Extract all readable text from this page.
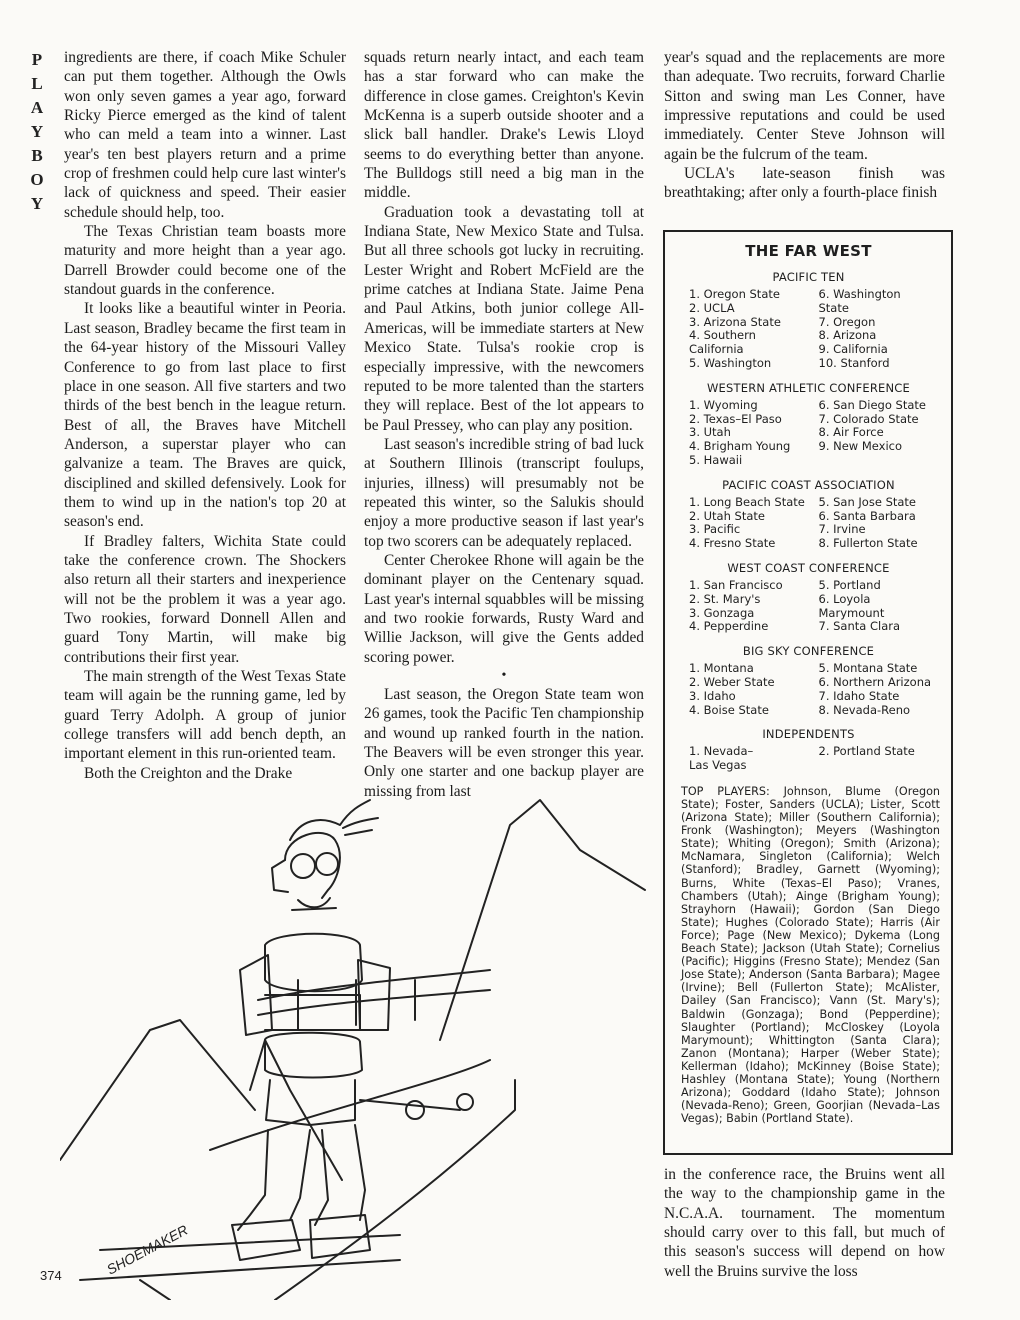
P
L
A
Y
B
O
Y

ingredients are there, if coach Mike Schuler can put them together. Although the Owls won only seven games a year ago, forward Ricky Pierce emerged as the kind of talent who can meld a team into a winner. Last year's ten best players return and a prime crop of freshmen could help cure last winter's lack of quickness and speed. Their easier schedule should help, too.

The Texas Christian team boasts more maturity and more height than a year ago. Darrell Browder could become one of the standout guards in the conference.

It looks like a beautiful winter in Peoria. Last season, Bradley became the first team in the 64-year history of the Missouri Valley Conference to go from last place to first place in one season. All five starters and two thirds of the best bench in the league return. Best of all, the Braves have Mitchell Anderson, a superstar player who can galvanize a team. The Braves are quick, disciplined and skilled defensively. Look for them to wind up in the nation's top 20 at season's end.

If Bradley falters, Wichita State could take the conference crown. The Shockers also return all their starters and inexperience will not be the problem it was a year ago. Two rookies, forward Donnell Allen and guard Tony Martin, will make big contributions their first year.

The main strength of the West Texas State team will again be the running game, led by guard Terry Adolph. A group of junior college transfers will add bench depth, an important element in this run-oriented team.

Both the Creighton and the Drake

squads return nearly intact, and each team has a star forward who can make the difference in close games. Creighton's Kevin McKenna is a superb outside shooter and a slick ball handler. Drake's Lewis Lloyd seems to do everything better than anyone. The Bulldogs still need a big man in the middle.

Graduation took a devastating toll at Indiana State, New Mexico State and Tulsa. But all three schools got lucky in recruiting. Lester Wright and Robert McField are the prime catches at Indiana State. Jaime Pena and Paul Atkins, both junior college All-Americas, will be immediate starters at New Mexico State. Tulsa's rookie crop is especially impressive, with the newcomers reputed to be more talented than the starters they will replace. Best of the lot appears to be Paul Pressey, who can play any position.

Last season's incredible string of bad luck at Southern Illinois (transcript foulups, injuries, illness) will presumably not be repeated this winter, so the Salukis should enjoy a more productive season if last year's top two scorers can be adequately replaced.

Center Cherokee Rhone will again be the dominant player on the Centenary squad. Last year's internal squabbles will be missing and two rookie forwards, Rusty Ward and Willie Jackson, will give the Gents added scoring power.

•

Last season, the Oregon State team won 26 games, took the Pacific Ten championship and wound up ranked fourth in the nation. The Beavers will be even stronger this year. Only one starter and one backup player are missing from last

year's squad and the replacements are more than adequate. Two recruits, forward Charlie Sitton and swing man Les Conner, have impressive reputations and could be used immediately. Center Steve Johnson will again be the fulcrum of the team.

UCLA's late-season finish was breathtaking; after only a fourth-place finish

THE FAR WEST
PACIFIC TEN
1. Oregon State
2. UCLA
3. Arizona State
4. Southern
California
5. Washington
6. Washington
State
7. Oregon
8. Arizona
9. California
10. Stanford
WESTERN ATHLETIC CONFERENCE
1. Wyoming
2. Texas–El Paso
3. Utah
4. Brigham Young
5. Hawaii
6. San Diego State
7. Colorado State
8. Air Force
9. New Mexico
PACIFIC COAST ASSOCIATION
1. Long Beach State
2. Utah State
3. Pacific
4. Fresno State
5. San Jose State
6. Santa Barbara
7. Irvine
8. Fullerton State
WEST COAST CONFERENCE
1. San Francisco
2. St. Mary's
3. Gonzaga
4. Pepperdine
5. Portland
6. Loyola
Marymount
7. Santa Clara
BIG SKY CONFERENCE
1. Montana
2. Weber State
3. Idaho
4. Boise State
5. Montana State
6. Northern Arizona
7. Idaho State
8. Nevada-Reno
INDEPENDENTS
1. Nevada–
Las Vegas
2. Portland State
TOP PLAYERS: Johnson, Blume (Oregon State); Foster, Sanders (UCLA); Lister, Scott (Arizona State); Miller (Southern California); Fronk (Washington); Meyers (Washington State); Whiting (Oregon); Smith (Arizona); McNamara, Singleton (California); Welch (Stanford); Bradley, Garnett (Wyoming); Burns, White (Texas–El Paso); Vranes, Chambers (Utah); Ainge (Brigham Young); Strayhorn (Hawaii); Gordon (San Diego State); Hughes (Colorado State); Harris (Air Force); Page (New Mexico); Dykema (Long Beach State); Jackson (Utah State); Cornelius (Pacific); Higgins (Fresno State); Mendez (San Jose State); Anderson (Santa Barbara); Magee (Irvine); Bell (Fullerton State); McAlister, Dailey (San Francisco); Vann (St. Mary's); Baldwin (Gonzaga); Bond (Pepperdine); Slaughter (Portland); McCloskey (Loyola Marymount); Whittington (Santa Clara); Zanon (Montana); Harper (Weber State); Kellerman (Idaho); McKinney (Boise State); Hashley (Montana State); Young (Northern Arizona); Goddard (Idaho State); Johnson (Nevada-Reno); Green, Goorjian (Nevada–Las Vegas); Babin (Portland State).

in the conference race, the Bruins went all the way to the championship game in the N.C.A.A. tournament. The momentum should carry over to this fall, but much of this season's success will depend on how well the Bruins survive the loss

SHOEMAKER
374
